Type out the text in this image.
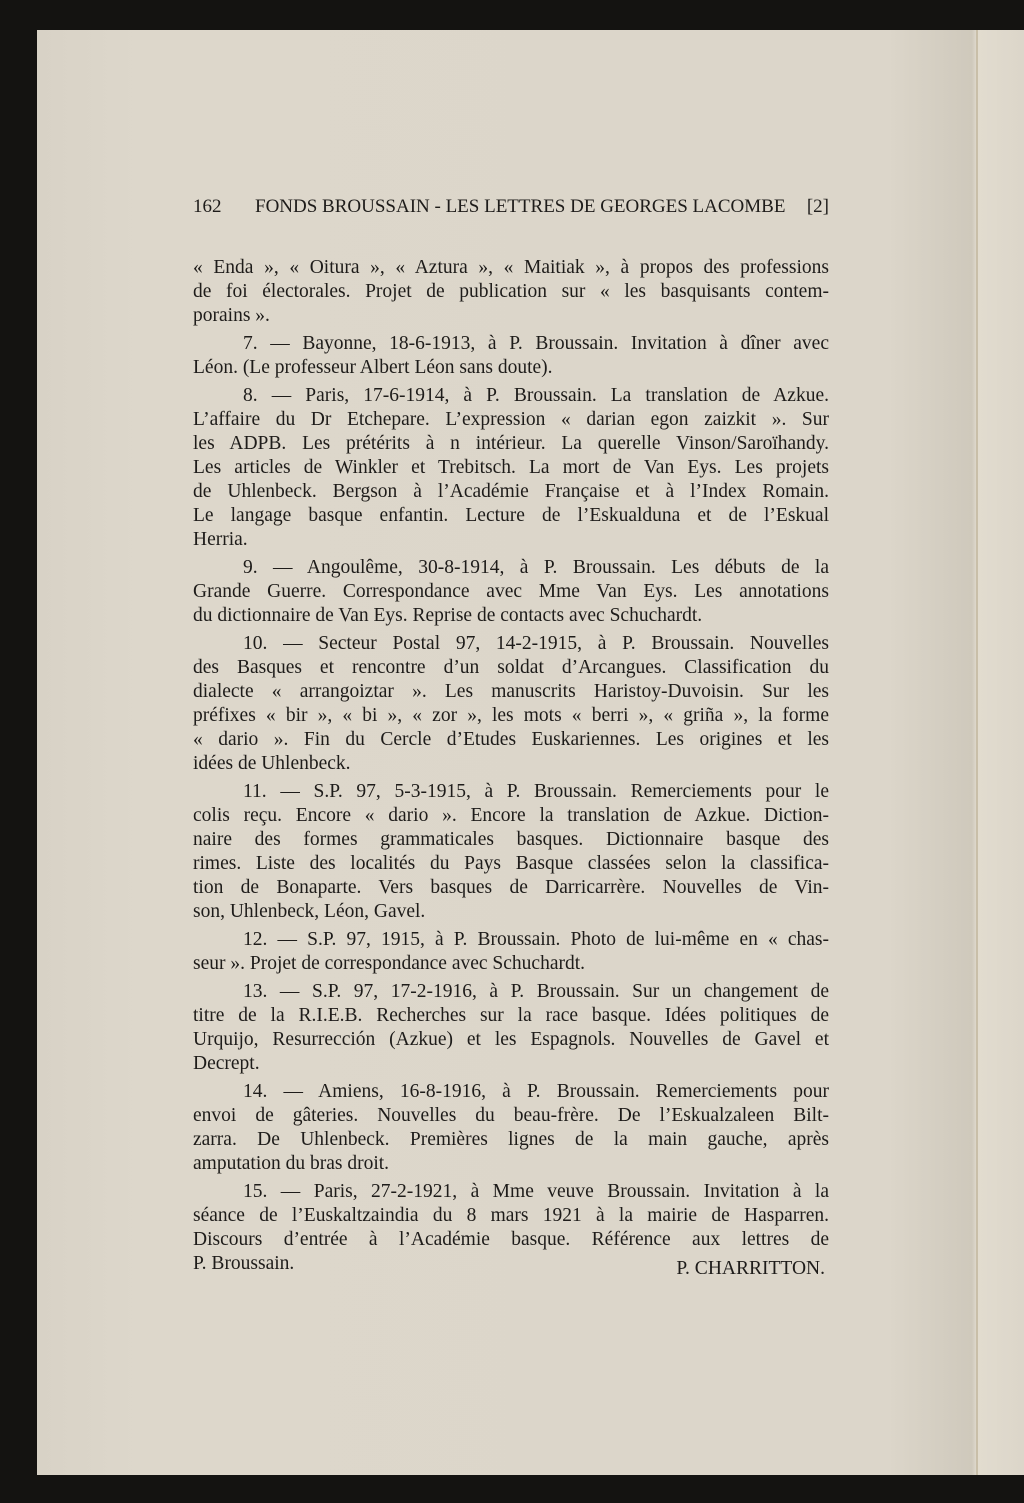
162	FONDS BROUSSAIN - LES LETTRES DE GEORGES LACOMBE	[2]
« Enda », « Oitura », « Aztura », « Maitiak », à propos des professions
de foi électorales. Projet de publication sur « les basquisants contem-
porains ».
7. — Bayonne, 18-6-1913, à P. Broussain. Invitation à dîner avec
Léon. (Le professeur Albert Léon sans doute).
8. — Paris, 17-6-1914, à P. Broussain. La translation de Azkue.
L’affaire du Dr Etchepare. L’expression « darian egon zaizkit ». Sur
les ADPB. Les prétérits à n intérieur. La querelle Vinson/Saroïhandy.
Les articles de Winkler et Trebitsch. La mort de Van Eys. Les projets
de Uhlenbeck. Bergson à l’Académie Française et à l’Index Romain.
Le langage basque enfantin. Lecture de l’Eskualduna et de l’Eskual
Herria.
9. — Angoulême, 30-8-1914, à P. Broussain. Les débuts de la
Grande Guerre. Correspondance avec Mme Van Eys. Les annotations
du dictionnaire de Van Eys. Reprise de contacts avec Schuchardt.
10. — Secteur Postal 97, 14-2-1915, à P. Broussain. Nouvelles
des Basques et rencontre d’un soldat d’Arcangues. Classification du
dialecte « arrangoiztar ». Les manuscrits Haristoy-Duvoisin. Sur les
préfixes « bir », « bi », « zor », les mots « berri », « griña », la forme
« dario ». Fin du Cercle d’Etudes Euskariennes. Les origines et les
idées de Uhlenbeck.
11. — S.P. 97, 5-3-1915, à P. Broussain. Remerciements pour le
colis reçu. Encore « dario ». Encore la translation de Azkue. Diction-
naire des formes grammaticales basques. Dictionnaire basque des
rimes. Liste des localités du Pays Basque classées selon la classifica-
tion de Bonaparte. Vers basques de Darricarrère. Nouvelles de Vin-
son, Uhlenbeck, Léon, Gavel.
12. — S.P. 97, 1915, à P. Broussain. Photo de lui-même en « chas-
seur ». Projet de correspondance avec Schuchardt.
13. — S.P. 97, 17-2-1916, à P. Broussain. Sur un changement de
titre de la R.I.E.B. Recherches sur la race basque. Idées politiques de
Urquijo, Resurrección (Azkue) et les Espagnols. Nouvelles de Gavel et
Decrept.
14. — Amiens, 16-8-1916, à P. Broussain. Remerciements pour
envoi de gâteries. Nouvelles du beau-frère. De l’Eskualzaleen Bilt-
zarra. De Uhlenbeck. Premières lignes de la main gauche, après
amputation du bras droit.
15. — Paris, 27-2-1921, à Mme veuve Broussain. Invitation à la
séance de l’Euskaltzaindia du 8 mars 1921 à la mairie de Hasparren.
Discours d’entrée à l’Académie basque. Référence aux lettres de
P. Broussain.	P. CHARRITTON.
